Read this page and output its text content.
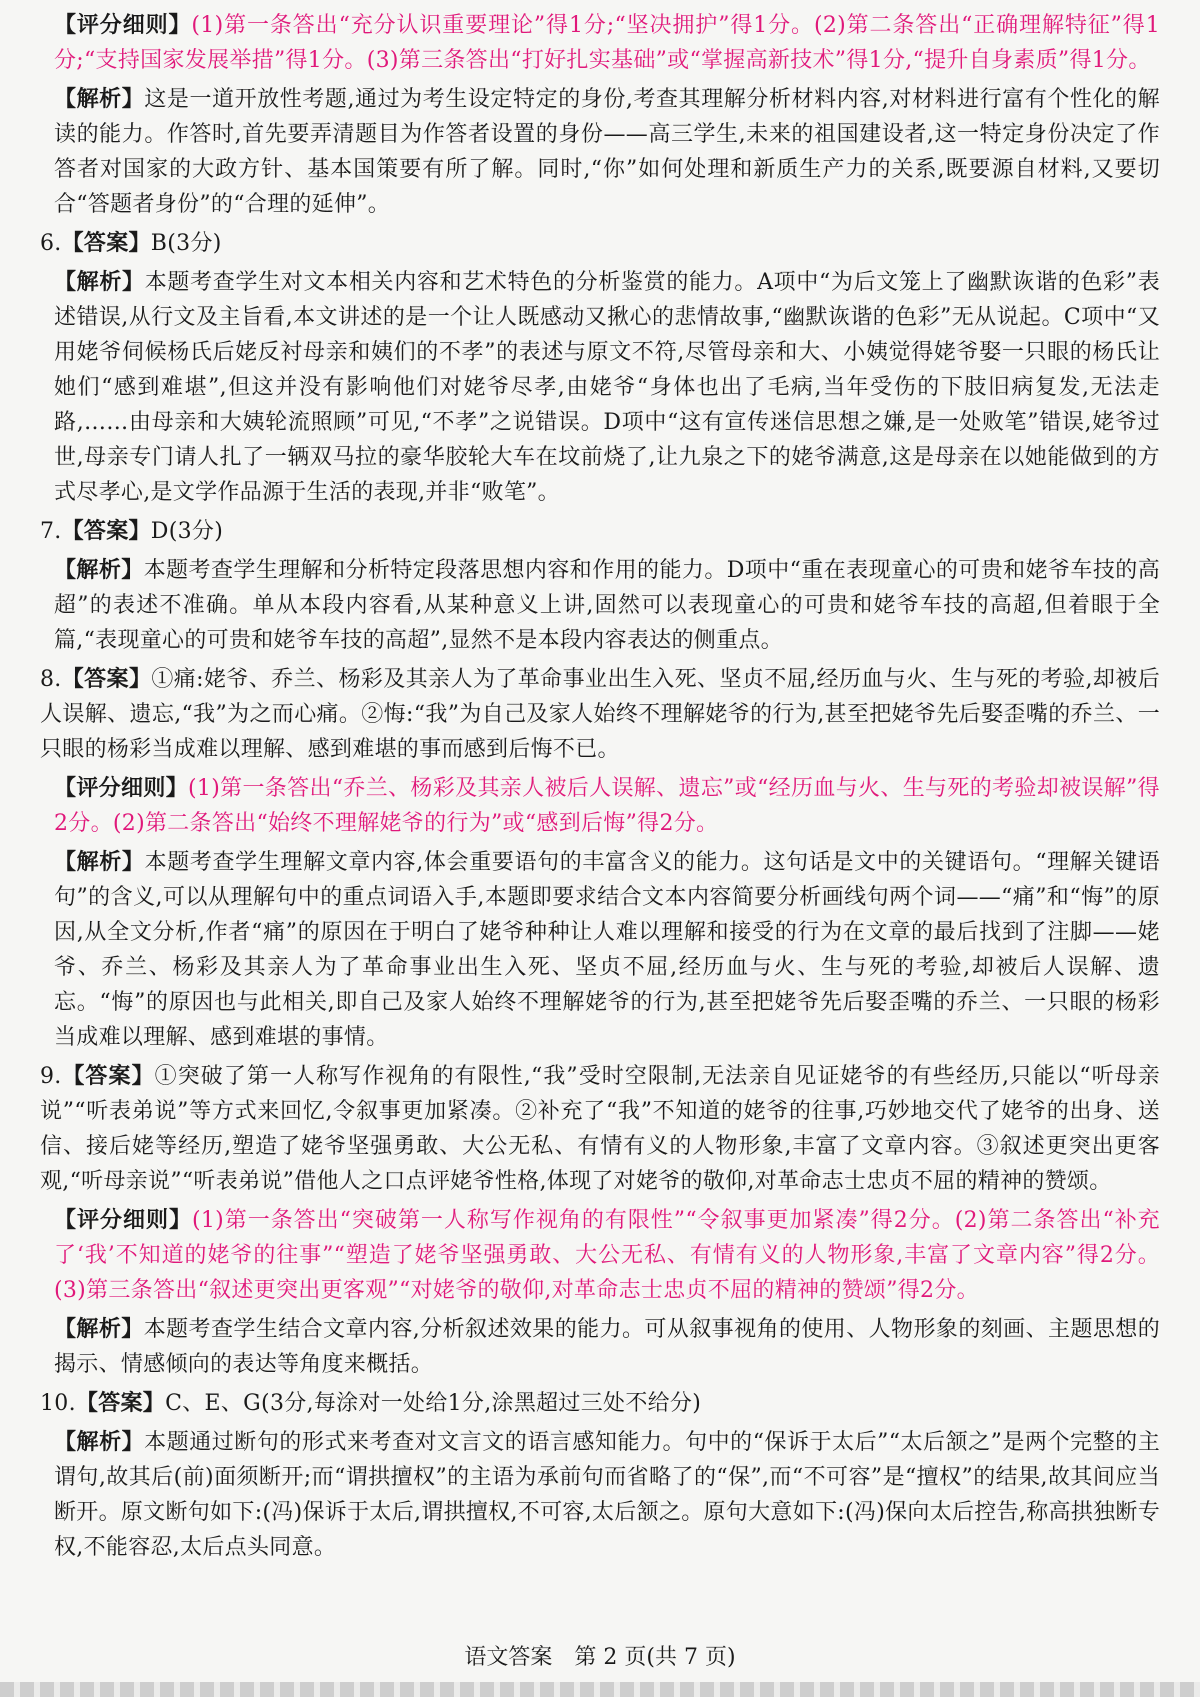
【评分细则】(1)第一条答出“充分认识重要理论”得1分;“坚决拥护”得1分。(2)第二条答出“正确理解特征”得1分;“支持国家发展举措”得1分。(3)第三条答出“打好扎实基础”或“掌握高新技术”得1分,“提升自身素质”得1分。
【解析】这是一道开放性考题,通过为考生设定特定的身份,考查其理解分析材料内容,对材料进行富有个性化的解读的能力。作答时,首先要弄清题目为作答者设置的身份——高三学生,未来的祖国建设者,这一特定身份决定了作答者对国家的大政方针、基本国策要有所了解。同时,“你”如何处理和新质生产力的关系,既要源自材料,又要切合“答题者身份”的“合理的延伸”。
6.【答案】B(3分)
【解析】本题考查学生对文本相关内容和艺术特色的分析鉴赏的能力。A项中“为后文笼上了幽默诙谐的色彩”表述错误,从行文及主旨看,本文讲述的是一个让人既感动又揪心的悲情故事,“幽默诙谐的色彩”无从说起。C项中“又用姥爷伺候杨氏后姥反衬母亲和姨们的不孝”的表述与原文不符,尽管母亲和大、小姨觉得姥爷娶一只眼的杨氏让她们“感到难堪”,但这并没有影响他们对姥爷尽孝,由姥爷“身体也出了毛病,当年受伤的下肢旧病复发,无法走路,……由母亲和大姨轮流照顾”可见,“不孝”之说错误。D项中“这有宣传迷信思想之嫌,是一处败笔”错误,姥爷过世,母亲专门请人扎了一辆双马拉的豪华胶轮大车在坟前烧了,让九泉之下的姥爷满意,这是母亲在以她能做到的方式尽孝心,是文学作品源于生活的表现,并非“败笔”。
7.【答案】D(3分)
【解析】本题考查学生理解和分析特定段落思想内容和作用的能力。D项中“重在表现童心的可贵和姥爷车技的高超”的表述不准确。单从本段内容看,从某种意义上讲,固然可以表现童心的可贵和姥爷车技的高超,但着眼于全篇,“表现童心的可贵和姥爷车技的高超”,显然不是本段内容表达的侧重点。
8.【答案】①痛:姥爷、乔兰、杨彩及其亲人为了革命事业出生入死、坚贞不屈,经历血与火、生与死的考验,却被后人误解、遗忘,“我”为之而心痛。②悔:“我”为自己及家人始终不理解姥爷的行为,甚至把姥爷先后娶歪嘴的乔兰、一只眼的杨彩当成难以理解、感到难堪的事而感到后悔不已。
【评分细则】(1)第一条答出“乔兰、杨彩及其亲人被后人误解、遗忘”或“经历血与火、生与死的考验却被误解”得2分。(2)第二条答出“始终不理解姥爷的行为”或“感到后悔”得2分。
【解析】本题考查学生理解文章内容,体会重要语句的丰富含义的能力。这句话是文中的关键语句。“理解关键语句”的含义,可以从理解句中的重点词语入手,本题即要求结合文本内容简要分析画线句两个词——“痛”和“悔”的原因,从全文分析,作者“痛”的原因在于明白了姥爷种种让人难以理解和接受的行为在文章的最后找到了注脚——姥爷、乔兰、杨彩及其亲人为了革命事业出生入死、坚贞不屈,经历血与火、生与死的考验,却被后人误解、遗忘。“悔”的原因也与此相关,即自己及家人始终不理解姥爷的行为,甚至把姥爷先后娶歪嘴的乔兰、一只眼的杨彩当成难以理解、感到难堪的事情。
9.【答案】①突破了第一人称写作视角的有限性,“我”受时空限制,无法亲自见证姥爷的有些经历,只能以“听母亲说”“听表弟说”等方式来回忆,令叙事更加紧凑。②补充了“我”不知道的姥爷的往事,巧妙地交代了姥爷的出身、送信、接后姥等经历,塑造了姥爷坚强勇敢、大公无私、有情有义的人物形象,丰富了文章内容。③叙述更突出更客观,“听母亲说”“听表弟说”借他人之口点评姥爷性格,体现了对姥爷的敬仰,对革命志士忠贞不屈的精神的赞颂。
【评分细则】(1)第一条答出“突破第一人称写作视角的有限性”“令叙事更加紧凑”得2分。(2)第二条答出“补充了‘我’不知道的姥爷的往事”“塑造了姥爷坚强勇敢、大公无私、有情有义的人物形象,丰富了文章内容”得2分。(3)第三条答出“叙述更突出更客观”“对姥爷的敬仰,对革命志士忠贞不屈的精神的赞颂”得2分。
【解析】本题考查学生结合文章内容,分析叙述效果的能力。可从叙事视角的使用、人物形象的刻画、主题思想的揭示、情感倾向的表达等角度来概括。
10.【答案】C、E、G(3分,每涂对一处给1分,涂黑超过三处不给分)
【解析】本题通过断句的形式来考查对文言文的语言感知能力。句中的“保诉于太后”“太后颔之”是两个完整的主谓句,故其后(前)面须断开;而“谓拱擅权”的主语为承前句而省略了的“保”,而“不可容”是“擅权”的结果,故其间应当断开。原文断句如下:(冯)保诉于太后,谓拱擅权,不可容,太后颔之。原句大意如下:(冯)保向太后控告,称高拱独断专权,不能容忍,太后点头同意。
语文答案　第 2 页(共 7 页)
